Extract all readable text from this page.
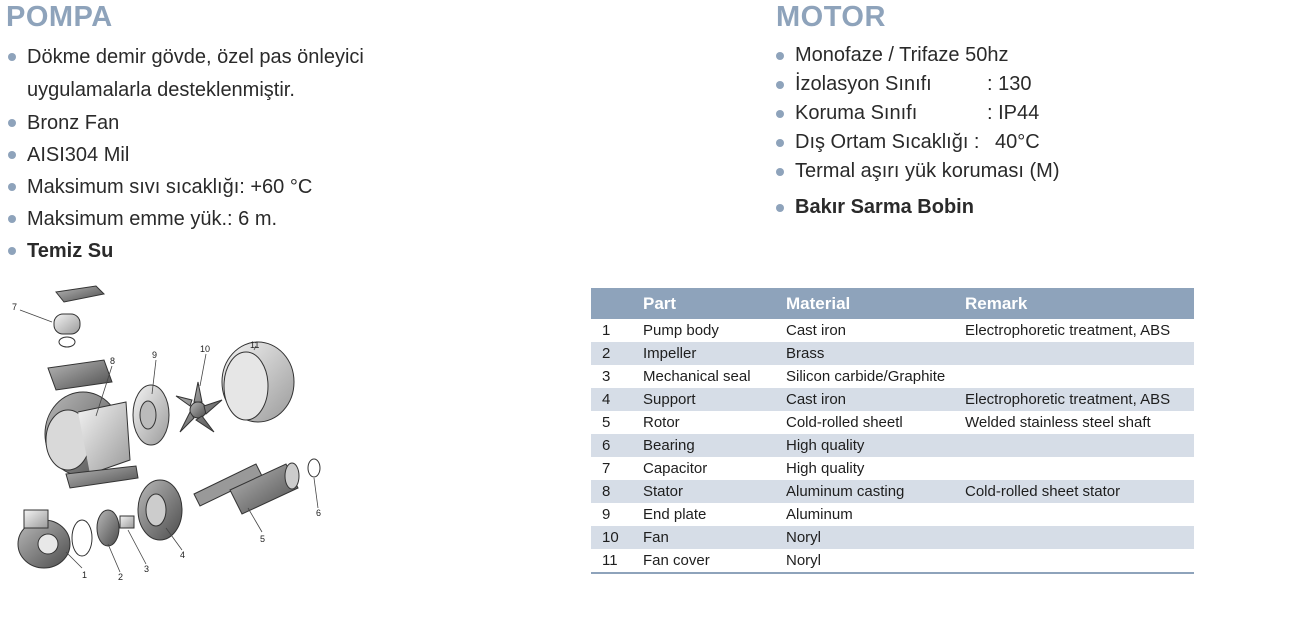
POMPA
Dökme demir gövde, özel pas önleyici
uygulamalarla desteklenmiştir.
Bronz Fan
AISI304 Mil
Maksimum sıvı sıcaklığı: +60 °C
Maksimum emme yük.: 6 m.
Temiz Su
MOTOR
Monofaze / Trifaze 50hz
İzolasyon Sınıfı	: 130
Koruma Sınıfı	: IP44
Dış Ortam Sıcaklığı : 40°C
Termal aşırı yük koruması (M)
Bakır Sarma Bobin
7
8
9
10	11
1	2
3
4
5
6
	Part	Material	Remark
1	Pump body	Cast iron	Electrophoretic treatment, ABS
2	Impeller	Brass	
3	Mechanical seal	Silicon carbide/Graphite	
4	Support	Cast iron	Electrophoretic treatment, ABS
5	Rotor	Cold-rolled sheetl	Welded stainless steel shaft
6	Bearing	High quality	
7	Capacitor	High quality	
8	Stator	Aluminum casting	Cold-rolled sheet stator
9	End plate	Aluminum	
10	Fan	Noryl	
11	Fan cover	Noryl	
